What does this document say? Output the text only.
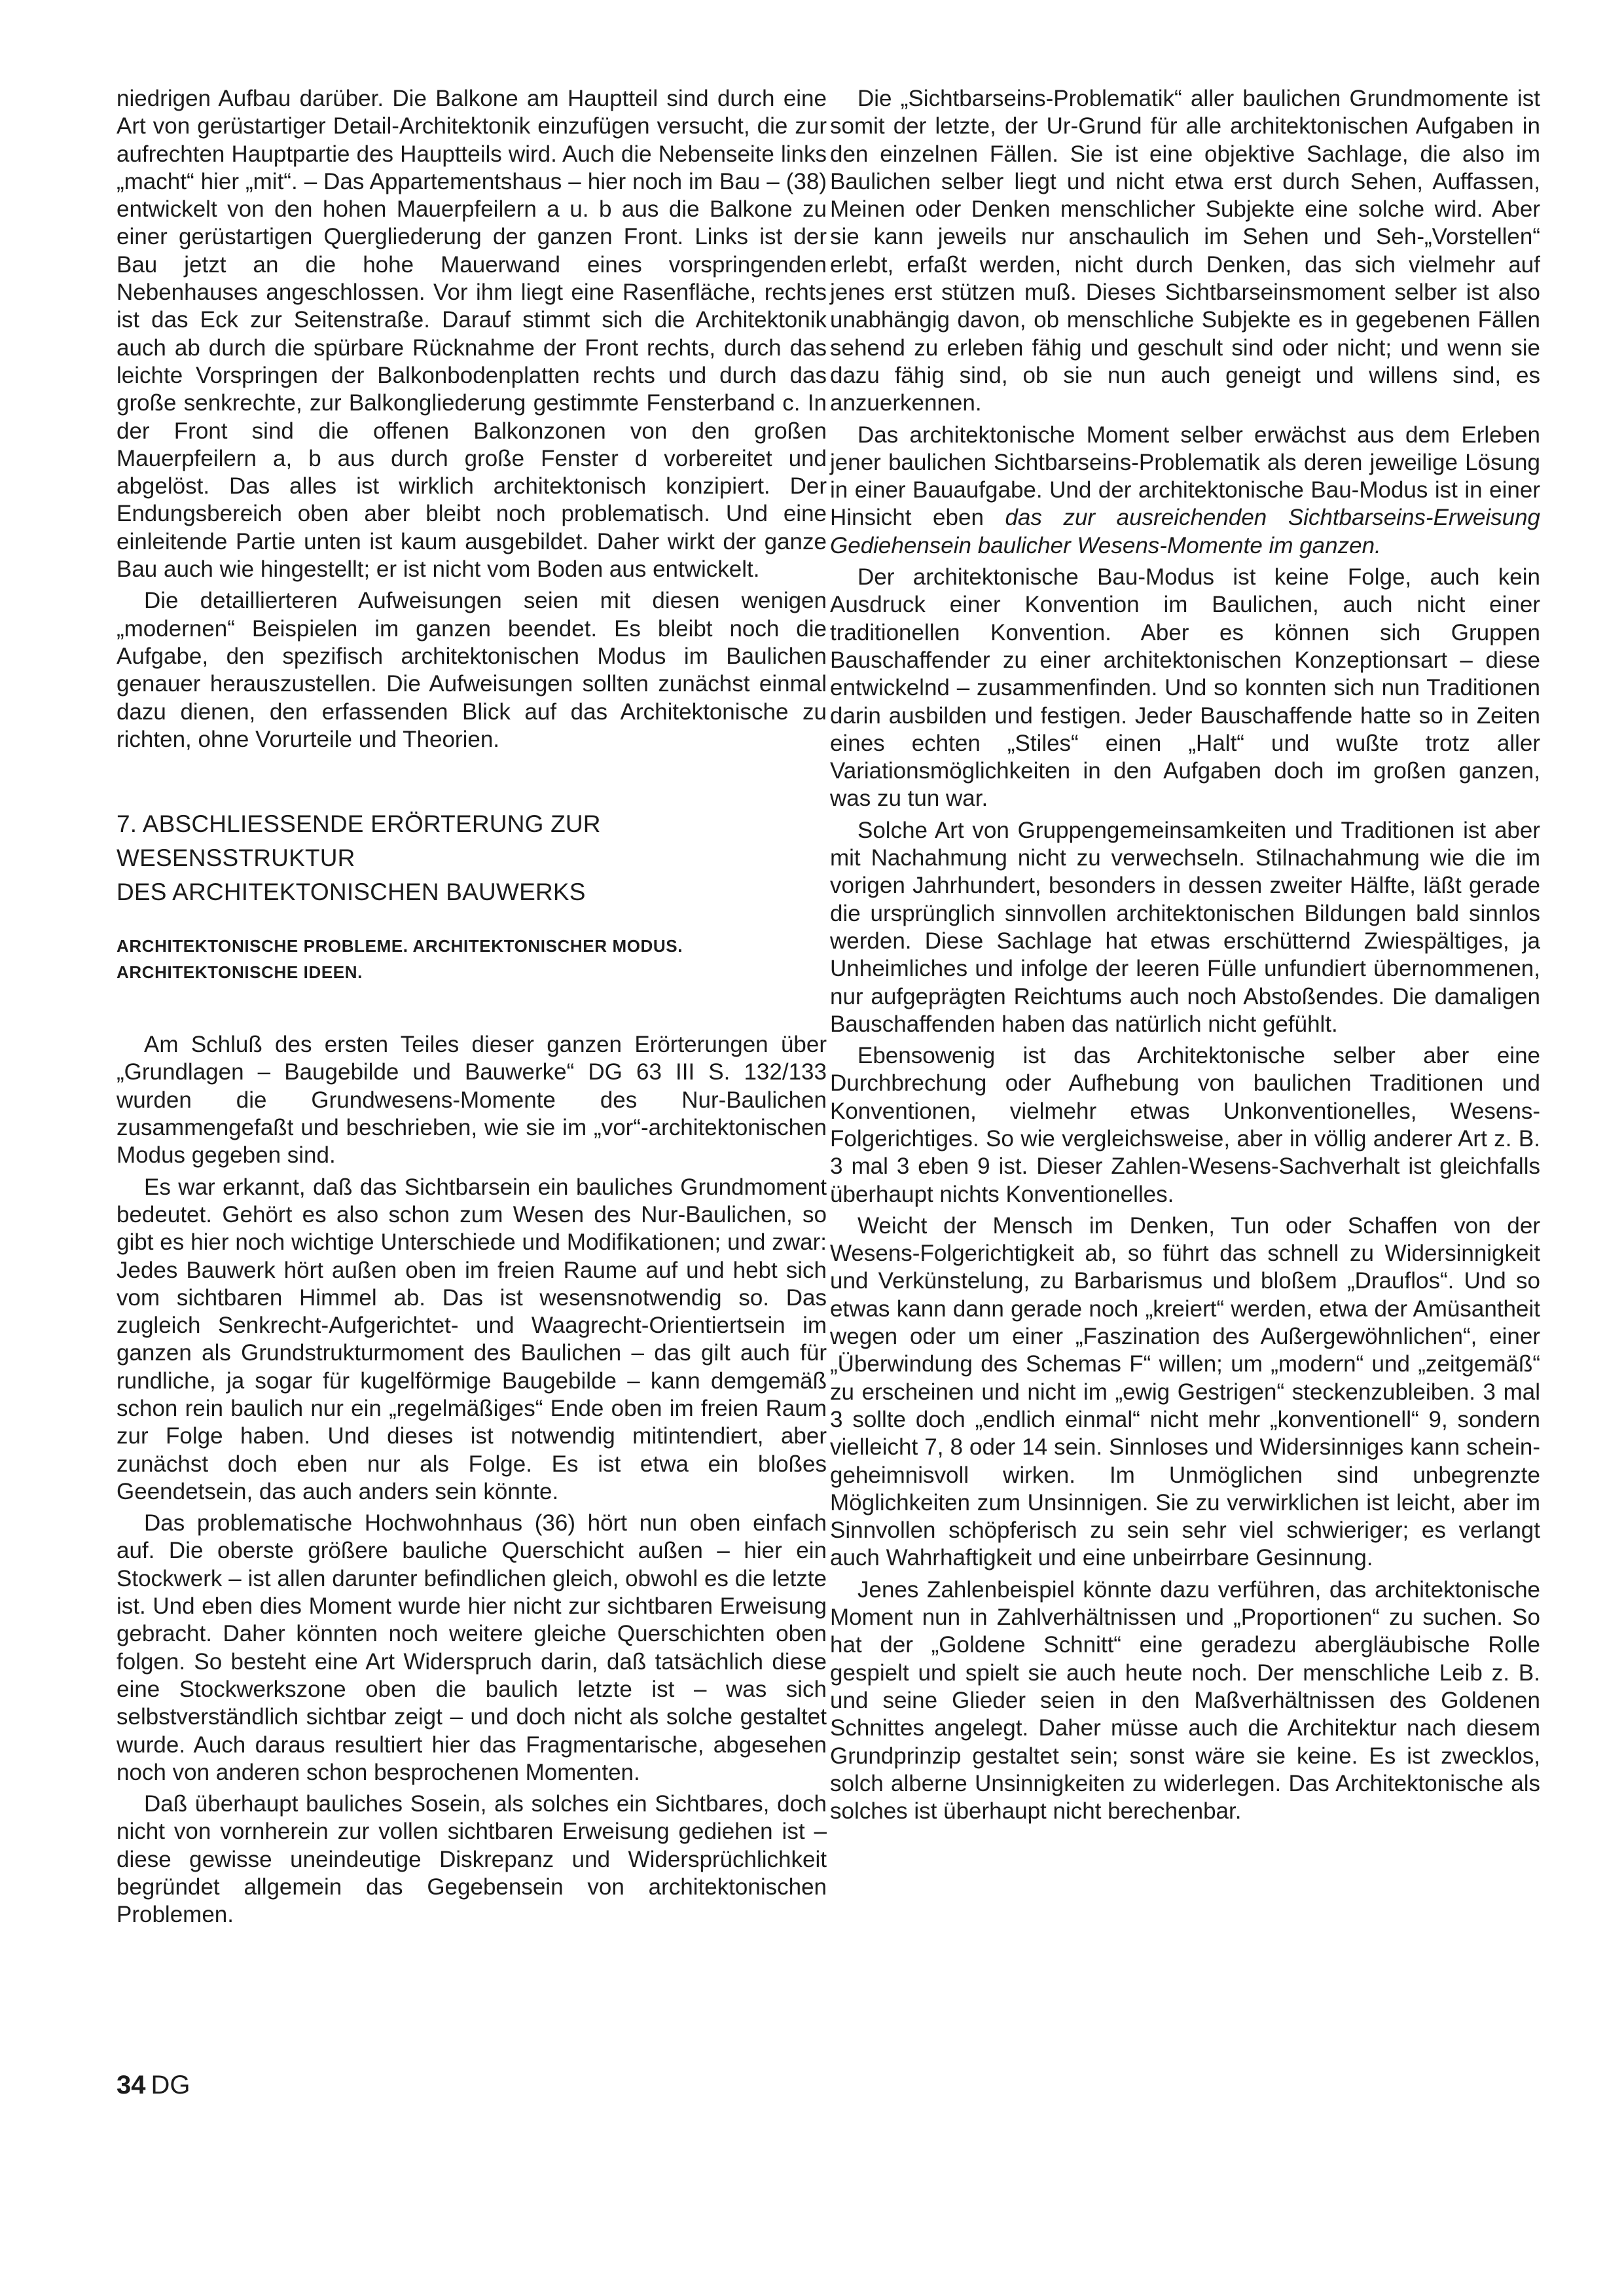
niedrigen Aufbau darüber. Die Balkone am Hauptteil sind durch eine Art von gerüstartiger Detail-Architektonik einzufügen versucht, die zur aufrechten Hauptpartie des Hauptteils wird. Auch die Nebenseite links „macht“ hier „mit“. – Das Appartementshaus – hier noch im Bau – (38) entwickelt von den hohen Mauerpfeilern a u. b aus die Balkone zu einer gerüstartigen Quergliederung der ganzen Front. Links ist der Bau jetzt an die hohe Mauerwand eines vorspringenden Nebenhauses angeschlossen. Vor ihm liegt eine Rasenfläche, rechts ist das Eck zur Seitenstraße. Darauf stimmt sich die Architektonik auch ab durch die spürbare Rücknahme der Front rechts, durch das leichte Vorspringen der Balkonbodenplatten rechts und durch das große senkrechte, zur Balkongliederung gestimmte Fensterband c. In der Front sind die offenen Balkonzonen von den großen Mauerpfeilern a, b aus durch große Fenster d vorbereitet und abgelöst. Das alles ist wirklich architektonisch konzipiert. Der Endungsbereich oben aber bleibt noch problematisch. Und eine einleitende Partie unten ist kaum ausgebildet. Daher wirkt der ganze Bau auch wie hingestellt; er ist nicht vom Boden aus entwickelt.

Die detaillierteren Aufweisungen seien mit diesen wenigen „modernen“ Beispielen im ganzen beendet. Es bleibt noch die Aufgabe, den spezifisch architektonischen Modus im Baulichen genauer herauszustellen. Die Aufweisungen sollten zunächst einmal dazu dienen, den erfassenden Blick auf das Architektonische zu richten, ohne Vorurteile und Theorien.

7. ABSCHLIESSENDE ERÖRTERUNG ZUR WESENSSTRUKTUR
DES ARCHITEKTONISCHEN BAUWERKS
ARCHITEKTONISCHE PROBLEME. ARCHITEKTONISCHER MODUS.
ARCHITEKTONISCHE IDEEN.

Am Schluß des ersten Teiles dieser ganzen Erörterungen über „Grundlagen – Baugebilde und Bauwerke“ DG 63 III S. 132/133 wurden die Grundwesens-Momente des Nur-Baulichen zusammengefaßt und beschrieben, wie sie im „vor“-architektonischen Modus gegeben sind.

Es war erkannt, daß das Sichtbarsein ein bauliches Grundmoment bedeutet. Gehört es also schon zum Wesen des Nur-Baulichen, so gibt es hier noch wichtige Unterschiede und Modifikationen; und zwar: Jedes Bauwerk hört außen oben im freien Raume auf und hebt sich vom sichtbaren Himmel ab. Das ist wesensnotwendig so. Das zugleich Senkrecht-Aufgerichtet- und Waagrecht-Orientiertsein im ganzen als Grundstrukturmoment des Baulichen – das gilt auch für rundliche, ja sogar für kugelförmige Baugebilde – kann demgemäß schon rein baulich nur ein „regelmäßiges“ Ende oben im freien Raum zur Folge haben. Und dieses ist notwendig mitintendiert, aber zunächst doch eben nur als Folge. Es ist etwa ein bloßes Geendetsein, das auch anders sein könnte.

Das problematische Hochwohnhaus (36) hört nun oben einfach auf. Die oberste größere bauliche Querschicht außen – hier ein Stockwerk – ist allen darunter befindlichen gleich, obwohl es die letzte ist. Und eben dies Moment wurde hier nicht zur sichtbaren Erweisung gebracht. Daher könnten noch weitere gleiche Querschichten oben folgen. So besteht eine Art Widerspruch darin, daß tatsächlich diese eine Stockwerkszone oben die baulich letzte ist – was sich selbstverständlich sichtbar zeigt – und doch nicht als solche gestaltet wurde. Auch daraus resultiert hier das Fragmentarische, abgesehen noch von anderen schon besprochenen Momenten.

Daß überhaupt bauliches Sosein, als solches ein Sichtbares, doch nicht von vornherein zur vollen sichtbaren Erweisung gediehen ist – diese gewisse uneindeutige Diskrepanz und Widersprüchlichkeit begründet allgemein das Gegebensein von architektonischen Problemen.

Die „Sichtbarseins-Problematik“ aller baulichen Grundmomente ist somit der letzte, der Ur-Grund für alle architektonischen Aufgaben in den einzelnen Fällen. Sie ist eine objektive Sachlage, die also im Baulichen selber liegt und nicht etwa erst durch Sehen, Auffassen, Meinen oder Denken menschlicher Subjekte eine solche wird. Aber sie kann jeweils nur anschaulich im Sehen und Seh-„Vorstellen“ erlebt, erfaßt werden, nicht durch Denken, das sich vielmehr auf jenes erst stützen muß. Dieses Sichtbarseinsmoment selber ist also unabhängig davon, ob menschliche Subjekte es in gegebenen Fällen sehend zu erleben fähig und geschult sind oder nicht; und wenn sie dazu fähig sind, ob sie nun auch geneigt und willens sind, es anzuerkennen.

Das architektonische Moment selber erwächst aus dem Erleben jener baulichen Sichtbarseins-Problematik als deren jeweilige Lösung in einer Bauaufgabe. Und der architektonische Bau-Modus ist in einer Hinsicht eben das zur ausreichenden Sichtbarseins-Erweisung Gediehensein baulicher Wesens-Momente im ganzen.

Der architektonische Bau-Modus ist keine Folge, auch kein Ausdruck einer Konvention im Baulichen, auch nicht einer traditionellen Konvention. Aber es können sich Gruppen Bauschaffender zu einer architektonischen Konzeptionsart – diese entwickelnd – zusammenfinden. Und so konnten sich nun Traditionen darin ausbilden und festigen. Jeder Bauschaffende hatte so in Zeiten eines echten „Stiles“ einen „Halt“ und wußte trotz aller Variationsmöglichkeiten in den Aufgaben doch im großen ganzen, was zu tun war.

Solche Art von Gruppengemeinsamkeiten und Traditionen ist aber mit Nachahmung nicht zu verwechseln. Stilnachahmung wie die im vorigen Jahrhundert, besonders in dessen zweiter Hälfte, läßt gerade die ursprünglich sinnvollen architektonischen Bildungen bald sinnlos werden. Diese Sachlage hat etwas erschütternd Zwiespältiges, ja Unheimliches und infolge der leeren Fülle unfundiert übernommenen, nur aufgeprägten Reichtums auch noch Abstoßendes. Die damaligen Bauschaffenden haben das natürlich nicht gefühlt.

Ebensowenig ist das Architektonische selber aber eine Durchbrechung oder Aufhebung von baulichen Traditionen und Konventionen, vielmehr etwas Unkonventionelles, Wesens-Folgerichtiges. So wie vergleichsweise, aber in völlig anderer Art z. B. 3 mal 3 eben 9 ist. Dieser Zahlen-Wesens-Sachverhalt ist gleichfalls überhaupt nichts Konventionelles.

Weicht der Mensch im Denken, Tun oder Schaffen von der Wesens-Folgerichtigkeit ab, so führt das schnell zu Widersinnigkeit und Verkünstelung, zu Barbarismus und bloßem „Drauflos“. Und so etwas kann dann gerade noch „kreiert“ werden, etwa der Amüsantheit wegen oder um einer „Faszination des Außergewöhnlichen“, einer „Überwindung des Schemas F“ willen; um „modern“ und „zeitgemäß“ zu erscheinen und nicht im „ewig Gestrigen“ steckenzubleiben. 3 mal 3 sollte doch „endlich einmal“ nicht mehr „konventionell“ 9, sondern vielleicht 7, 8 oder 14 sein. Sinnloses und Widersinniges kann schein-geheimnisvoll wirken. Im Unmöglichen sind unbegrenzte Möglichkeiten zum Unsinnigen. Sie zu verwirklichen ist leicht, aber im Sinnvollen schöpferisch zu sein sehr viel schwieriger; es verlangt auch Wahrhaftigkeit und eine unbeirrbare Gesinnung.

Jenes Zahlenbeispiel könnte dazu verführen, das architektonische Moment nun in Zahlverhältnissen und „Proportionen“ zu suchen. So hat der „Goldene Schnitt“ eine geradezu abergläubische Rolle gespielt und spielt sie auch heute noch. Der menschliche Leib z. B. und seine Glieder seien in den Maßverhältnissen des Goldenen Schnittes angelegt. Daher müsse auch die Architektur nach diesem Grundprinzip gestaltet sein; sonst wäre sie keine. Es ist zwecklos, solch alberne Unsinnigkeiten zu widerlegen. Das Architektonische als solches ist überhaupt nicht berechenbar.

34 DG
